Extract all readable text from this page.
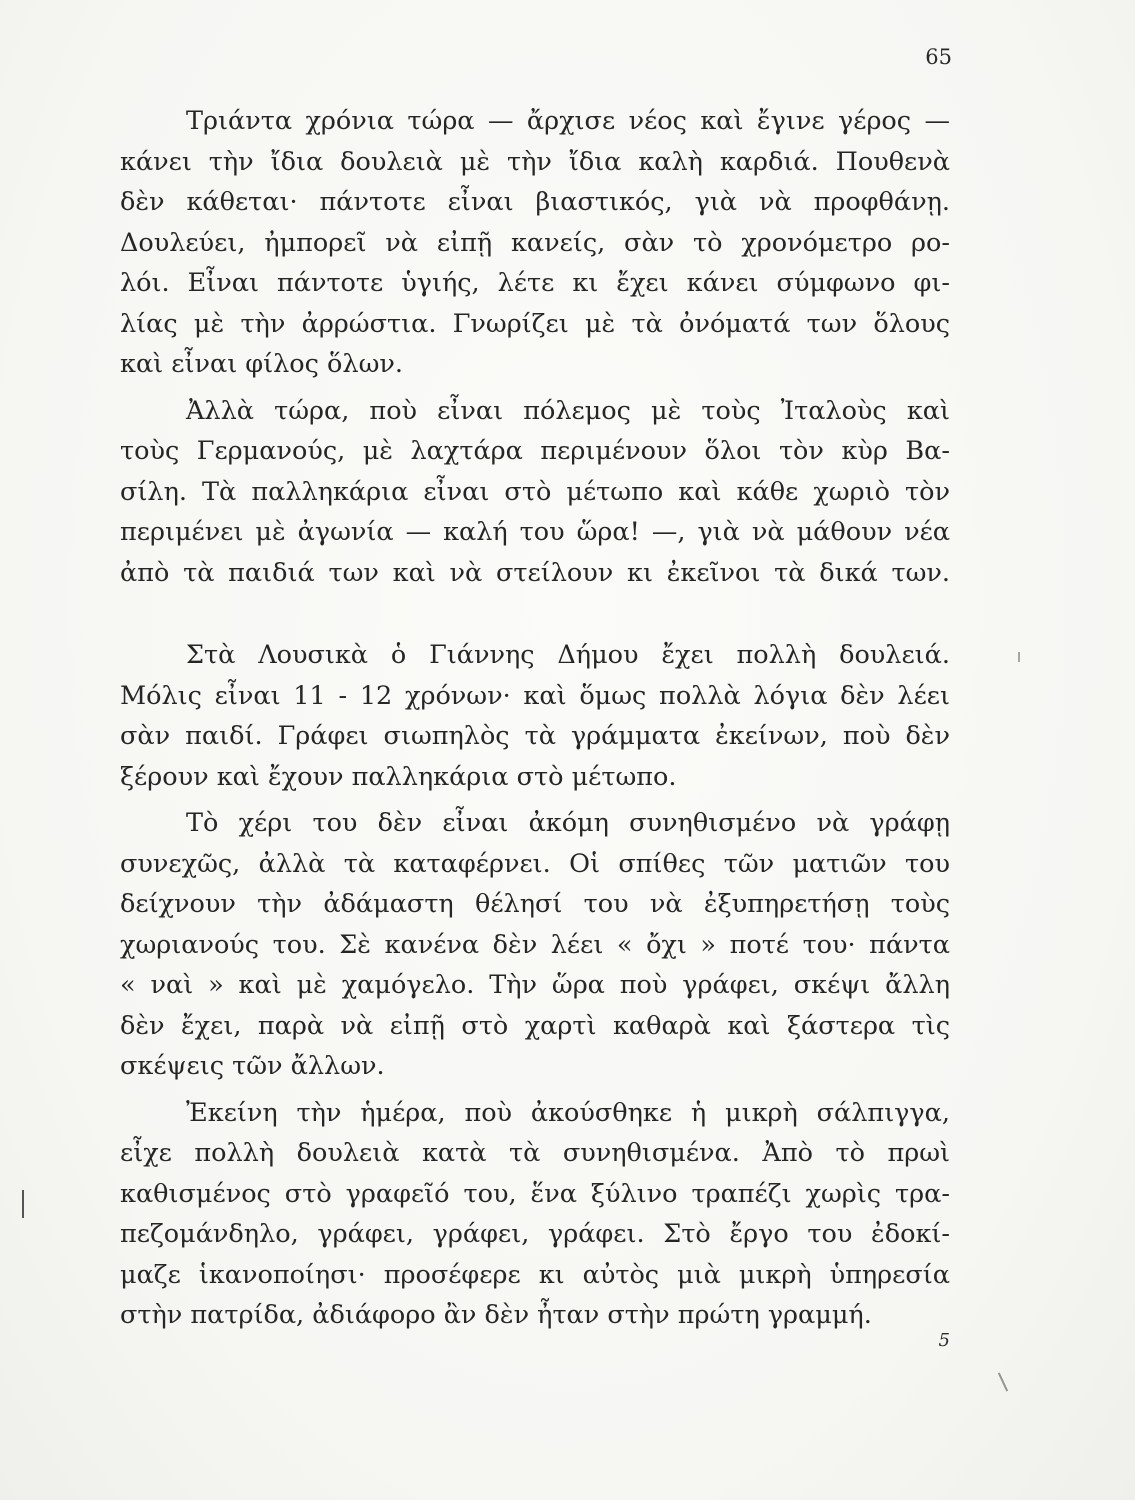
65
Τριάντα χρόνια τώρα — ἄρχισε νέος καὶ ἔγινε γέρος —
κάνει τὴν ἴδια δουλειὰ μὲ τὴν ἴδια καλὴ καρδιά. Πουθενὰ
δὲν κάθεται· πάντοτε εἶναι βιαστικός, γιὰ νὰ προφθάνῃ.
Δουλεύει, ἠμπορεῖ νὰ εἰπῇ κανείς, σὰν τὸ χρονόμετρο ρο-
λόι. Εἶναι πάντοτε ὑγιής, λέτε κι ἔχει κάνει σύμφωνο φι-
λίας μὲ τὴν ἀρρώστια. Γνωρίζει μὲ τὰ ὀνόματά των ὅλους
καὶ εἶναι φίλος ὅλων.
Ἀλλὰ τώρα, ποὺ εἶναι πόλεμος μὲ τοὺς Ἰταλοὺς καὶ
τοὺς Γερμανούς, μὲ λαχτάρα περιμένουν ὅλοι τὸν κὺρ Βα-
σίλη. Τὰ παλληκάρια εἶναι στὸ μέτωπο καὶ κάθε χωριὸ τὸν
περιμένει μὲ ἀγωνία — καλή του ὥρα! —, γιὰ νὰ μάθουν νέα
ἀπὸ τὰ παιδιά των καὶ νὰ στείλουν κι ἐκεῖνοι τὰ δικά των.
Στὰ Λουσικὰ ὁ Γιάννης Δήμου ἔχει πολλὴ δουλειά.
Μόλις εἶναι 11 - 12 χρόνων· καὶ ὅμως πολλὰ λόγια δὲν λέει
σὰν παιδί. Γράφει σιωπηλὸς τὰ γράμματα ἐκείνων, ποὺ δὲν
ξέρουν καὶ ἔχουν παλληκάρια στὸ μέτωπο.
Τὸ χέρι του δὲν εἶναι ἀκόμη συνηθισμένο νὰ γράφῃ
συνεχῶς, ἀλλὰ τὰ καταφέρνει. Οἱ σπίθες τῶν ματιῶν του
δείχνουν τὴν ἀδάμαστη θέλησί του νὰ ἐξυπηρετήσῃ τοὺς
χωριανούς του. Σὲ κανένα δὲν λέει « ὄχι » ποτέ του· πάντα
« ναὶ » καὶ μὲ χαμόγελο. Τὴν ὥρα ποὺ γράφει, σκέψι ἄλλη
δὲν ἔχει, παρὰ νὰ εἰπῇ στὸ χαρτὶ καθαρὰ καὶ ξάστερα τὶς
σκέψεις τῶν ἄλλων.
Ἐκείνη τὴν ἡμέρα, ποὺ ἀκούσθηκε ἡ μικρὴ σάλπιγγα,
εἶχε πολλὴ δουλειὰ κατὰ τὰ συνηθισμένα. Ἀπὸ τὸ πρωὶ
καθισμένος στὸ γραφεῖό του, ἕνα ξύλινο τραπέζι χωρὶς τρα-
πεζομάνδηλο, γράφει, γράφει, γράφει. Στὸ ἔργο του ἐδοκί-
μαζε ἱκανοποίησι· προσέφερε κι αὐτὸς μιὰ μικρὴ ὑπηρεσία
στὴν πατρίδα, ἀδιάφορο ἂν δὲν ἦταν στὴν πρώτη γραμμή.
5
